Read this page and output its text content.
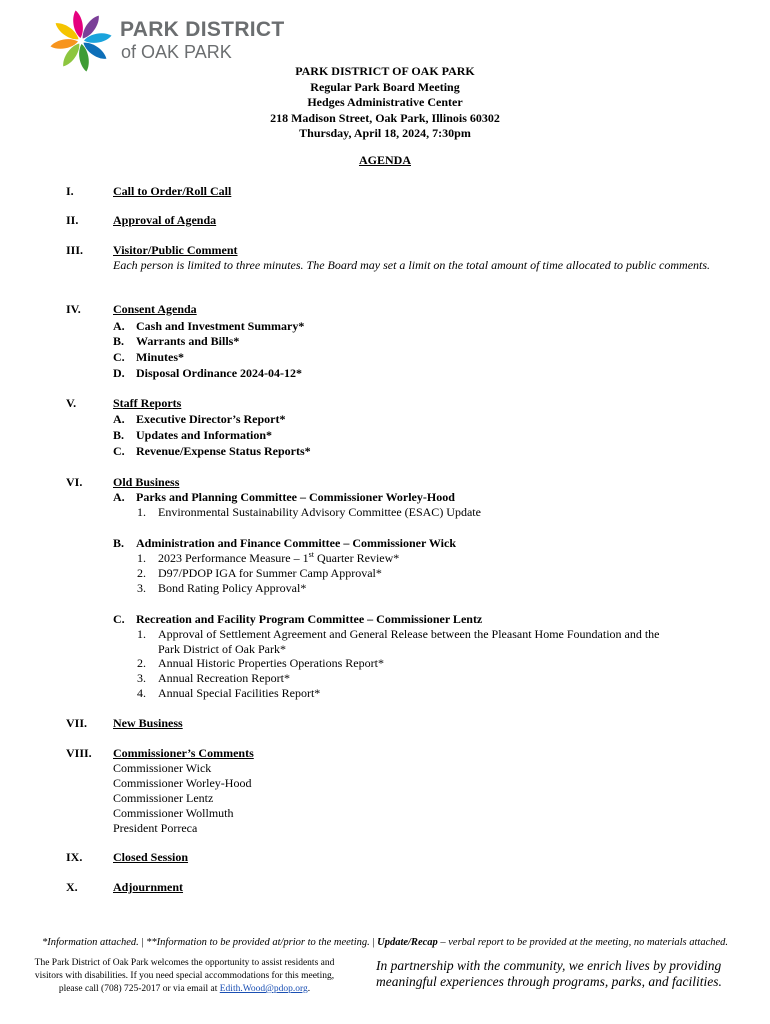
PARK DISTRICT
of OAK PARK
PARK DISTRICT OF OAK PARK
Regular Park Board Meeting
Hedges Administrative Center
218 Madison Street, Oak Park, Illinois 60302
Thursday, April 18, 2024, 7:30pm
AGENDA
I.	Call to Order/Roll Call
II.	Approval of Agenda
III. Visitor/Public Comment
Each person is limited to three minutes. The Board may set a limit on the total amount of time allocated to public comments.
IV.	Consent Agenda
A. Cash and Investment Summary*
B. Warrants and Bills*
C. Minutes*
D. Disposal Ordinance 2024-04-12*
V.	Staff Reports
A. Executive Director’s Report*
B. Updates and Information*
C. Revenue/Expense Status Reports*
VI.	Old Business
A. Parks and Planning Committee – Commissioner Worley-Hood
1. Environmental Sustainability Advisory Committee (ESAC) Update
B. Administration and Finance Committee – Commissioner Wick
1. 2023 Performance Measure – 1st Quarter Review*
2. D97/PDOP IGA for Summer Camp Approval*
3. Bond Rating Policy Approval*
C. Recreation and Facility Program Committee – Commissioner Lentz
1. Approval of Settlement Agreement and General Release between the Pleasant Home Foundation and the
Park District of Oak Park*
2. Annual Historic Properties Operations Report*
3. Annual Recreation Report*
4. Annual Special Facilities Report*
VII. New Business
VIII. Commissioner’s Comments
Commissioner Wick
Commissioner Worley-Hood
Commissioner Lentz
Commissioner Wollmuth
President Porreca
IX.	Closed Session
X.	Adjournment
*Information attached. | **Information to be provided at/prior to the meeting. | Update/Recap – verbal report to be provided at the meeting, no materials attached.
The Park District of Oak Park welcomes the opportunity to assist residents and
visitors with disabilities. If you need special accommodations for this meeting,
please call (708) 725-2017 or via email at Edith.Wood@pdop.org.
In partnership with the community, we enrich lives by providing
meaningful experiences through programs, parks, and facilities.
